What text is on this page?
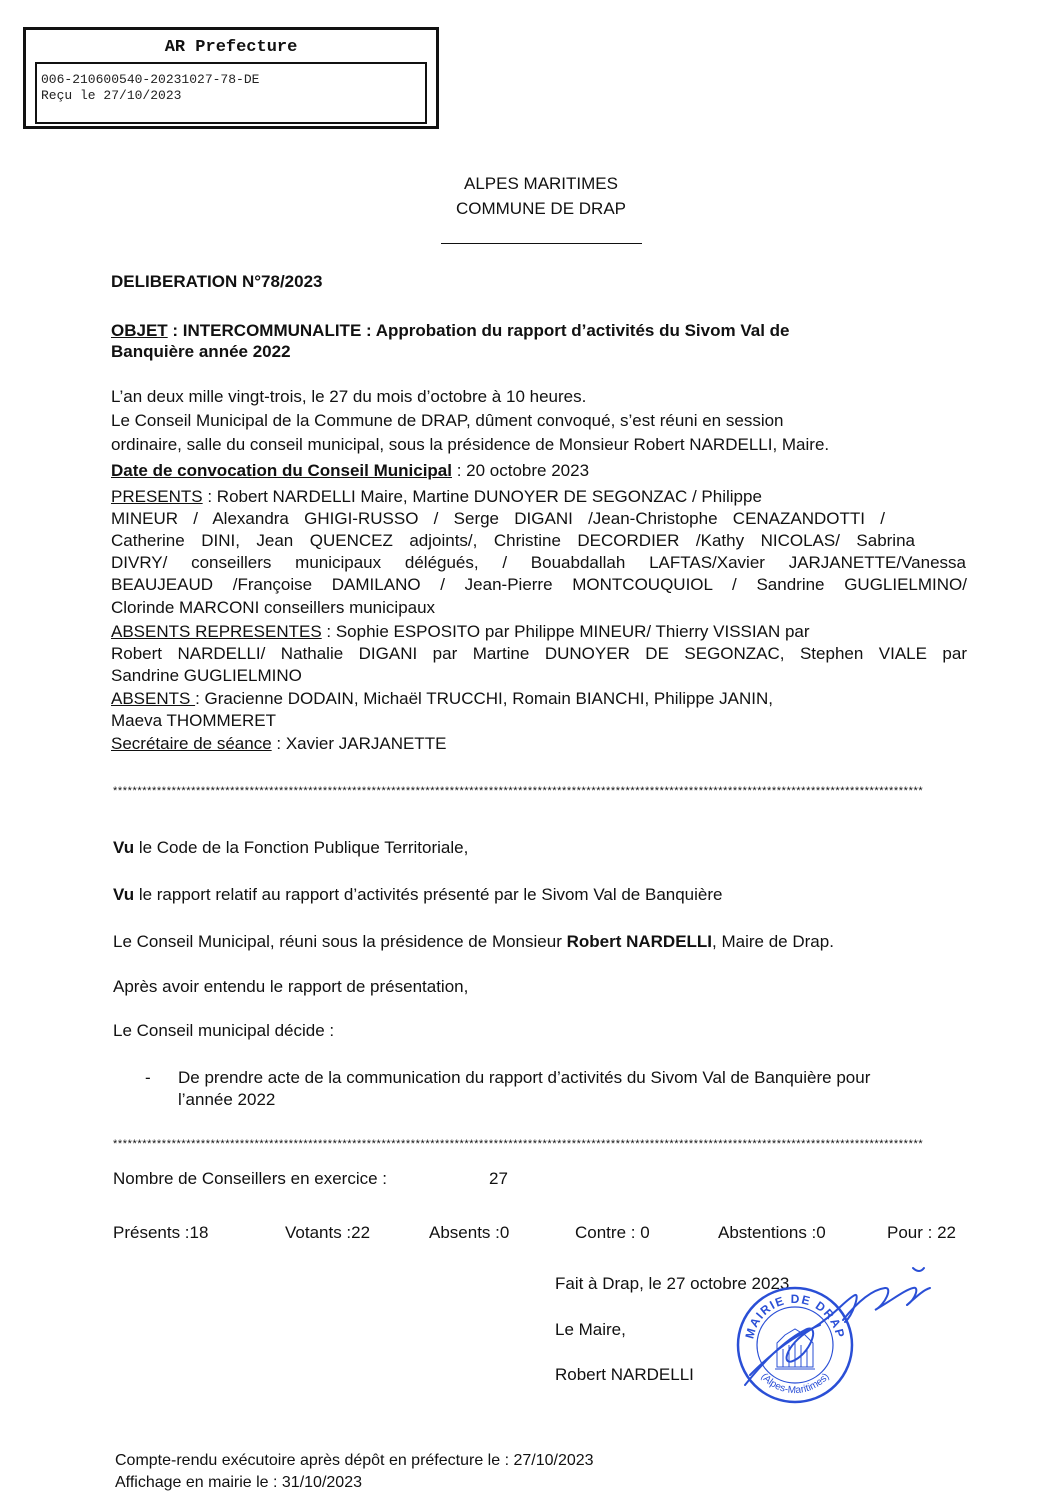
AR Prefecture
006-210600540-20231027-78-DE
Reçu le 27/10/2023
ALPES MARITIMES
COMMUNE DE DRAP
DELIBERATION N°78/2023
OBJET : INTERCOMMUNALITE : Approbation du rapport d’activités du Sivom Val de
Banquière année 2022
L’an deux mille vingt-trois, le 27 du mois d’octobre à 10 heures.
Le Conseil Municipal de la Commune de DRAP, dûment convoqué, s’est réuni en session
ordinaire, salle du conseil municipal, sous la présidence de Monsieur Robert NARDELLI, Maire.
Date de convocation du Conseil Municipal : 20 octobre 2023
PRESENTS : Robert NARDELLI Maire, Martine DUNOYER DE SEGONZAC / Philippe
MINEUR / Alexandra GHIGI-RUSSO / Serge DIGANI /Jean-Christophe CENAZANDOTTI /
Catherine DINI, Jean QUENCEZ adjoints/, Christine DECORDIER /Kathy NICOLAS/ Sabrina
DIVRY/ conseillers municipaux délégués, / Bouabdallah LAFTAS/Xavier JARJANETTE/Vanessa
BEAUJEAUD /Françoise DAMILANO / Jean-Pierre MONTCOUQUIOL / Sandrine GUGLIELMINO/
Clorinde MARCONI conseillers municipaux
ABSENTS REPRESENTES : Sophie ESPOSITO par Philippe MINEUR/ Thierry VISSIAN par
Robert NARDELLI/ Nathalie DIGANI par Martine DUNOYER DE SEGONZAC, Stephen VIALE par
Sandrine GUGLIELMINO
ABSENTS : Gracienne DODAIN, Michaël TRUCCHI, Romain BIANCHI, Philippe JANIN,
Maeva THOMMERET
Secrétaire de séance : Xavier JARJANETTE
**********************************************************************************************************************************************************************
Vu le Code de la Fonction Publique Territoriale,
Vu le rapport relatif au rapport d’activités présenté par le Sivom Val de Banquière
Le Conseil Municipal, réuni sous la présidence de Monsieur Robert NARDELLI, Maire de Drap.
Après avoir entendu le rapport de présentation,
Le Conseil municipal décide :
- De prendre acte de la communication du rapport d’activités du Sivom Val de Banquière pour
l’année 2022
**********************************************************************************************************************************************************************
Nombre de Conseillers en exercice :	27
Présents :18	Votants :22	Absents :0	Contre : 0	Abstentions :0	Pour : 22
Fait à Drap, le 27 octobre 2023
Le Maire,
Robert NARDELLI
MAIRIE DE DRAP
(Alpes-Maritimes)
Compte-rendu exécutoire après dépôt en préfecture le : 27/10/2023
Affichage en mairie le : 31/10/2023
